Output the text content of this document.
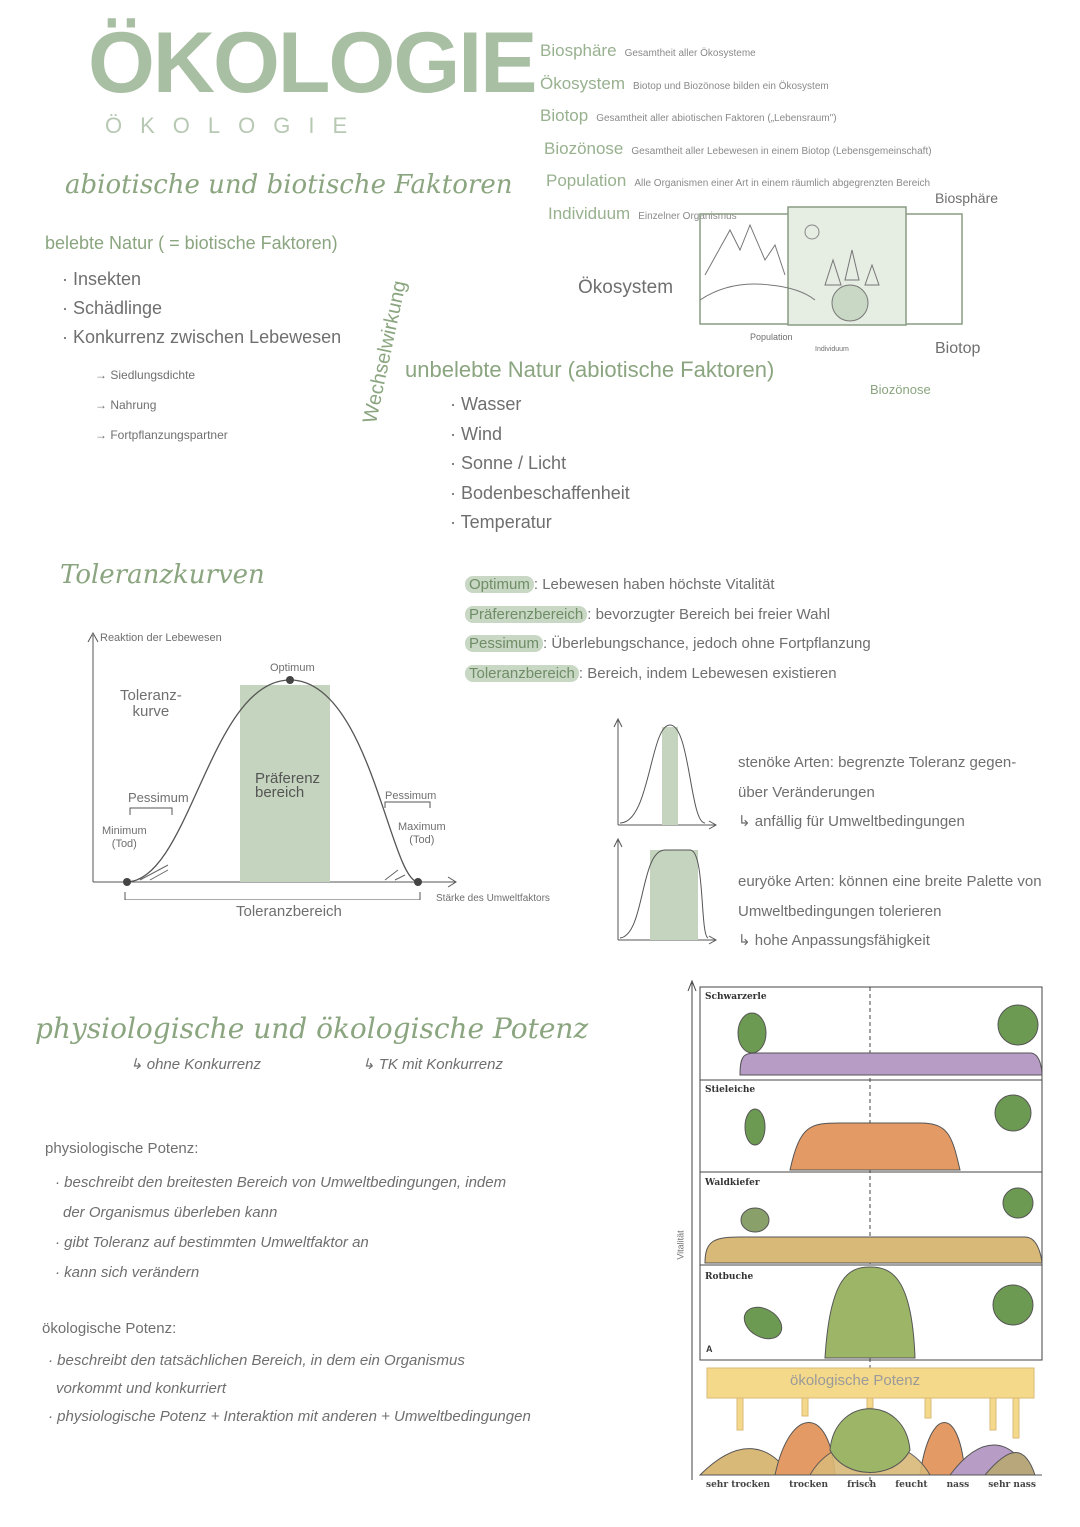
ÖKOLOGIE
ÖKOLOGIE
Biosphäre Gesamtheit aller Ökosysteme
Ökosystem Biotop und Biozönose bilden ein Ökosystem
Biotop Gesamtheit aller abiotischen Faktoren („Lebensraum")
Biozönose Gesamtheit aller Lebewesen in einem Biotop (Lebensgemeinschaft)
Population Alle Organismen einer Art in einem räumlich abgegrenzten Bereich
Individuum Einzelner Organismus
Biosphäre
Ökosystem
Population
Individuum	Biotop
Biozönose
abiotische und biotische Faktoren
belebte Natur ( = biotische Faktoren)
· Insekten
· Schädlinge
· Konkurrenz zwischen Lebewesen
→ Siedlungsdichte
→ Nahrung
→ Fortpflanzungspartner
Wechselwirkung
unbelebte Natur (abiotische Faktoren)
· Wasser
· Wind
· Sonne / Licht
· Bodenbeschaffenheit
· Temperatur
Toleranzkurven
Reaktion der Lebewesen
Optimum
Toleranz-
kurve
Pessimum	Pessimum
Präferenz
bereich
Minimum
(Tod)
Maximum
(Tod)
Toleranzbereich
Stärke des Umweltfaktors
Optimum : Lebewesen haben höchste Vitalität
Präferenzbereich : bevorzugter Bereich bei freier Wahl
Pessimum : Überlebungschance, jedoch ohne Fortpflanzung
Toleranzbereich : Bereich, indem Lebewesen existieren
stenöke Arten: begrenzte Toleranz gegen-
über Veränderungen
↳ anfällig für Umweltbedingungen
euryöke Arten: können eine breite Palette von
Umweltbedingungen tolerieren
↳ hohe Anpassungsfähigkeit
physiologische und ökologische Potenz
↳ ohne Konkurrenz	↳ TK mit Konkurrenz
physiologische Potenz:
· beschreibt den breitesten Bereich von Umweltbedingungen, indem
der Organismus überleben kann
· gibt Toleranz auf bestimmten Umweltfaktor an
· kann sich verändern
ökologische Potenz:
· beschreibt den tatsächlichen Bereich, in dem ein Organismus
vorkommt und konkurriert
· physiologische Potenz + Interaktion mit anderen + Umweltbedingungen
Vitalität
Schwarzerle
Stieleiche
Waldkiefer
Rotbuche
A
ökologische Potenz
sehr trocken trocken frisch feucht nass sehr nass
